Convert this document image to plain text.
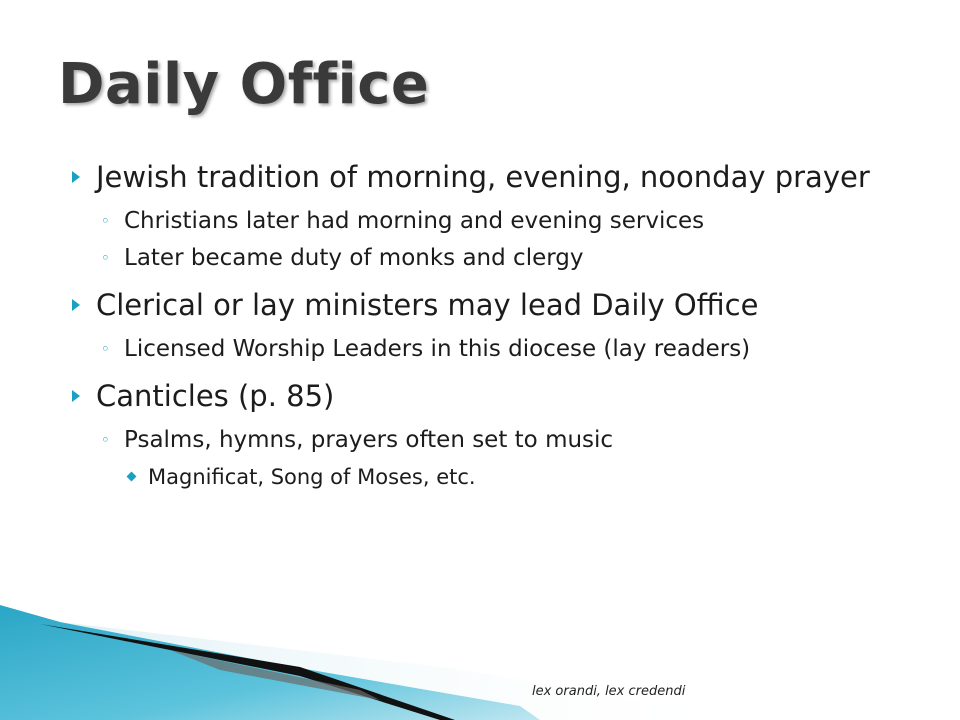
Daily Office
Jewish tradition of morning, evening, noonday prayer
◦ Christians later had morning and evening services
◦ Later became duty of monks and clergy
Clerical or lay ministers may lead Daily Office
◦ Licensed Worship Leaders in this diocese (lay readers)
Canticles (p. 85)
◦ Psalms, hymns, prayers often set to music
Magnificat, Song of Moses, etc.
lex orandi, lex credendi
